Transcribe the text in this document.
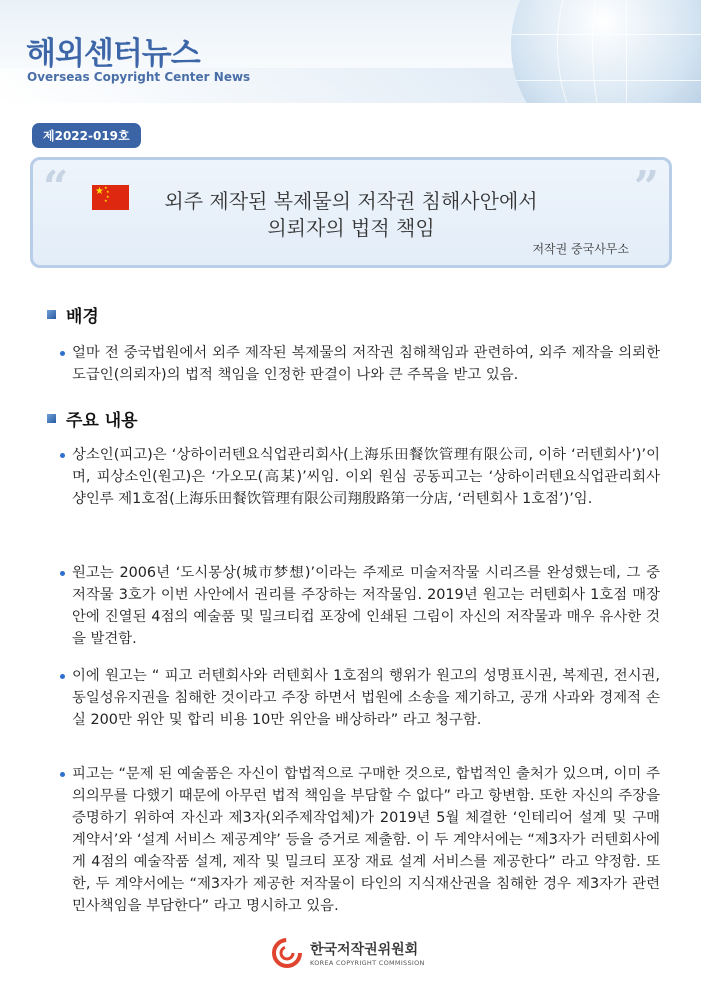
해외센터뉴스
Overseas Copyright Center News
제2022-019호
“	”
★ ★
★
★
★	외주 제작된 복제물의 저작권 침해사안에서
의뢰자의 법적 책임
저작권 중국사무소
배경
얼마 전 중국법원에서 외주 제작된 복제물의 저작권 침해책임과 관련하여, 외주 제작을 의뢰한 도급인(의뢰자)의 법적 책임을 인정한 판결이 나와 큰 주목을 받고 있음.
주요 내용
상소인(피고)은 ‘상하이러텐요식업관리회사(上海乐田餐饮管理有限公司, 이하 ‘러텐회사’)’이며, 피상소인(원고)은 ‘가오모(高某)’씨임. 이외 원심 공동피고는 ‘상하이러텐요식업관리회사 샹인루 제1호점(上海乐田餐饮管理有限公司翔殷路第一分店, ‘러텐회사 1호점’)’임.
원고는 2006년 ‘도시몽상(城市梦想)’이라는 주제로 미술저작물 시리즈를 완성했는데, 그 중 저작물 3호가 이번 사안에서 권리를 주장하는 저작물임. 2019년 원고는 러텐회사 1호점 매장 안에 진열된 4점의 예술품 및 밀크티컵 포장에 인쇄된 그림이 자신의 저작물과 매우 유사한 것을 발견함.
이에 원고는 “ 피고 러텐회사와 러텐회사 1호점의 행위가 원고의 성명표시권, 복제권, 전시권, 동일성유지권을 침해한 것이라고 주장 하면서 법원에 소송을 제기하고, 공개 사과와 경제적 손실 200만 위안 및 합리 비용 10만 위안을 배상하라” 라고 청구함.
피고는 “문제 된 예술품은 자신이 합법적으로 구매한 것으로, 합법적인 출처가 있으며, 이미 주의의무를 다했기 때문에 아무런 법적 책임을 부담할 수 없다” 라고 항변함. 또한 자신의 주장을 증명하기 위하여 자신과 제3자(외주제작업체)가 2019년 5월 체결한 ‘인테리어 설계 및 구매계약서’와 ‘설계 서비스 제공계약’ 등을 증거로 제출함. 이 두 계약서에는 “제3자가 러텐회사에게 4점의 예술작품 설계, 제작 및 밀크티 포장 재료 설계 서비스를 제공한다” 라고 약정함. 또한, 두 계약서에는 “제3자가 제공한 저작물이 타인의 지식재산권을 침해한 경우 제3자가 관련 민사책임을 부담한다” 라고 명시하고 있음.
한국저작권위원회
KOREA COPYRIGHT COMMISSION
